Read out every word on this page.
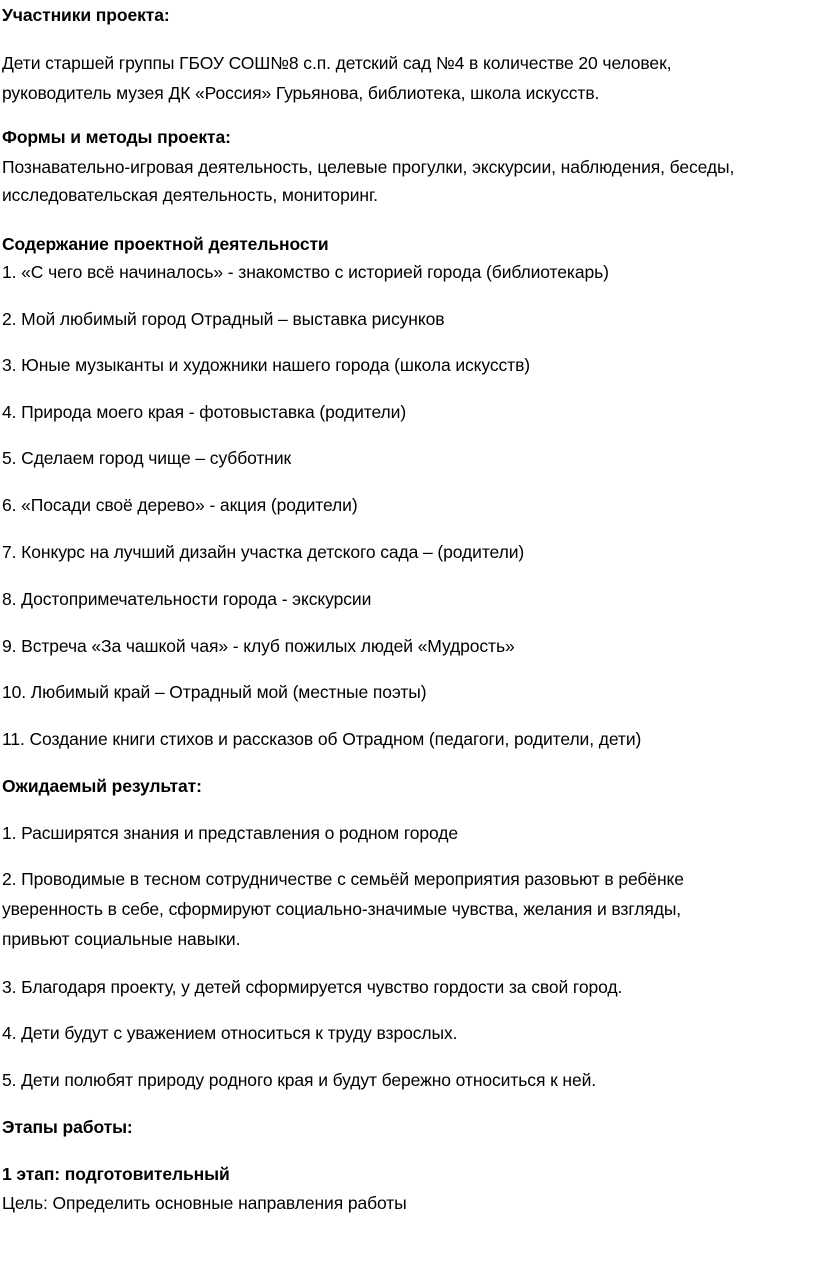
Участники проекта:
Дети старшей группы ГБОУ СОШ№8 с.п. детский сад №4 в количестве 20 человек,
руководитель музея ДК «Россия» Гурьянова, библиотека, школа искусств.
Формы и методы проекта:
Познавательно-игровая деятельность, целевые прогулки, экскурсии, наблюдения, беседы,
исследовательская деятельность, мониторинг.
Содержание проектной деятельности
1. «С чего всё начиналось» - знакомство с историей города (библиотекарь)
2. Мой любимый город Отрадный – выставка рисунков
3. Юные музыканты и художники нашего города (школа искусств)
4. Природа моего края - фотовыставка (родители)
5. Сделаем город чище – субботник
6. «Посади своё дерево» - акция (родители)
7. Конкурс на лучший дизайн участка детского сада – (родители)
8. Достопримечательности города - экскурсии
9. Встреча «За чашкой чая» - клуб пожилых людей «Мудрость»
10. Любимый край – Отрадный мой (местные поэты)
11. Создание книги стихов и рассказов об Отрадном (педагоги, родители, дети)
Ожидаемый результат:
1. Расширятся знания и представления о родном городе
2. Проводимые в тесном сотрудничестве с семьёй мероприятия разовьют в ребёнке
уверенность в себе, сформируют социально-значимые чувства, желания и взгляды,
привьют социальные навыки.
3. Благодаря проекту, у детей сформируется чувство гордости за свой город.
4. Дети будут с уважением относиться к труду взрослых.
5. Дети полюбят природу родного края и будут бережно относиться к ней.
Этапы работы:
1 этап: подготовительный
Цель: Определить основные направления работы
